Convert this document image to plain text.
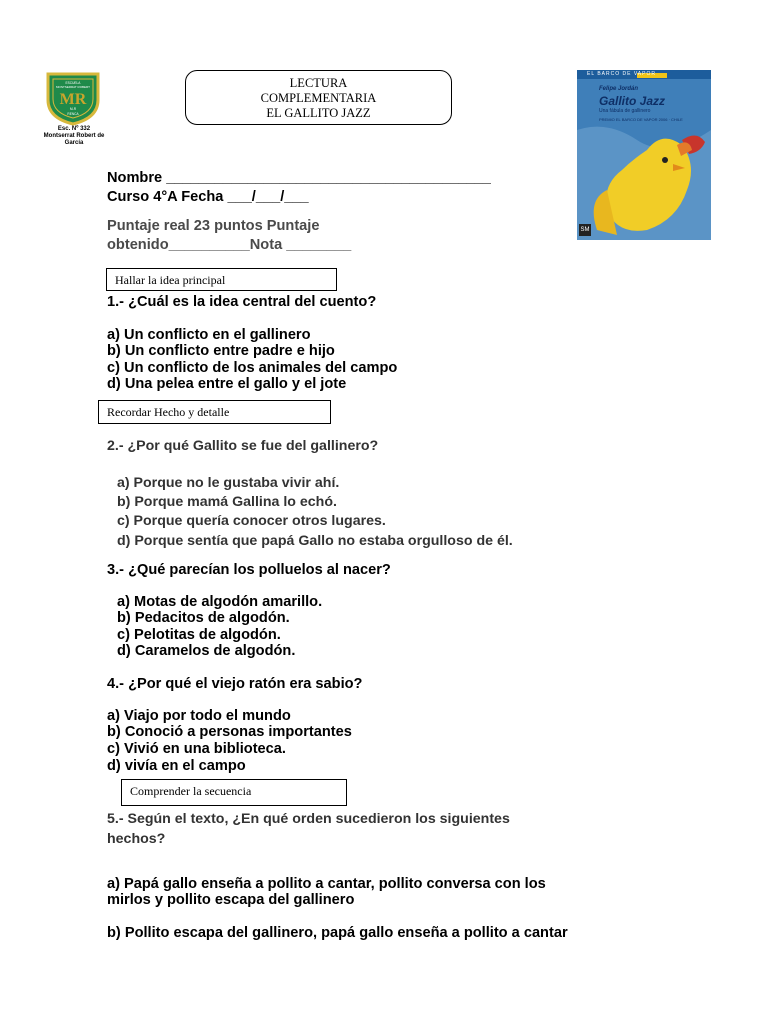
ESCUELA
MONTSERRAT ROBERT
MR
M-R
RENCA
Esc. Nº 332
Montserrat Robert de García
LECTURA
COMPLEMENTARIA
EL GALLITO JAZZ
EL BARCO DE VAPOR
Felipe Jordán
Gallito Jazz
Una fábula de gallinero
PREMIO EL BARCO DE VAPOR 2006 · CHILE
SM
Nombre ________________________________________
Curso 4°A Fecha ___/___/___
Puntaje real 23 puntos Puntaje
obtenido__________Nota ________
Hallar la idea principal
1.- ¿Cuál es la idea central del cuento?
a) Un conflicto en el gallinero
b) Un conflicto entre padre e hijo
c) Un conflicto de los animales del campo
d) Una pelea entre el gallo y el jote
Recordar Hecho y detalle
2.- ¿Por qué Gallito se fue del gallinero?
a) Porque no le gustaba vivir ahí.
b) Porque mamá Gallina lo echó.
c) Porque quería conocer otros lugares.
d) Porque sentía que papá Gallo no estaba orgulloso de él.
3.- ¿Qué parecían los polluelos al nacer?
a) Motas de algodón amarillo.
b) Pedacitos de algodón.
c) Pelotitas de algodón.
d) Caramelos de algodón.
4.- ¿Por qué el viejo ratón era sabio?
a) Viajo por todo el mundo
b) Conoció a personas importantes
c) Vivió en una biblioteca.
d) vivía en el campo
Comprender la secuencia
5.- Según el texto, ¿En qué orden sucedieron los siguientes
hechos?
a) Papá gallo enseña a pollito a cantar, pollito conversa con los
mirlos y pollito escapa del gallinero
b) Pollito escapa del gallinero, papá gallo enseña a pollito a cantar
